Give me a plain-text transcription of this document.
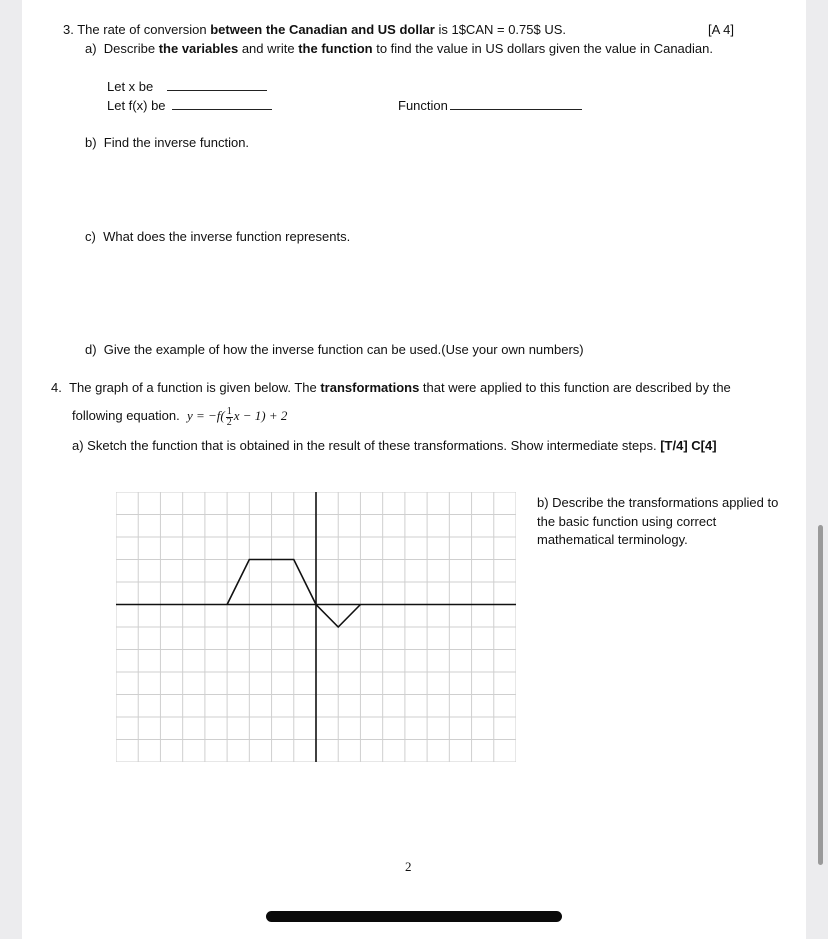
3. The rate of conversion between the Canadian and US dollar is 1$CAN = 0.75$ US.	[A 4]
a) Describe the variables and write the function to find the value in US dollars given the value in Canadian.
Let x be
Let f(x) be	Function
b) Find the inverse function.
c) What does the inverse function represents.
d) Give the example of how the inverse function can be used.(Use your own numbers)
4. The graph of a function is given below. The transformations that were applied to this function are described by the
following equation. $y = -f( \frac{1}{2}$ x − 1) + 2
a) Sketch the function that is obtained in the result of these transformations. Show intermediate steps. [T/4] C[4]
b) Describe the transformations applied to the basic function using correct mathematical terminology.
2
